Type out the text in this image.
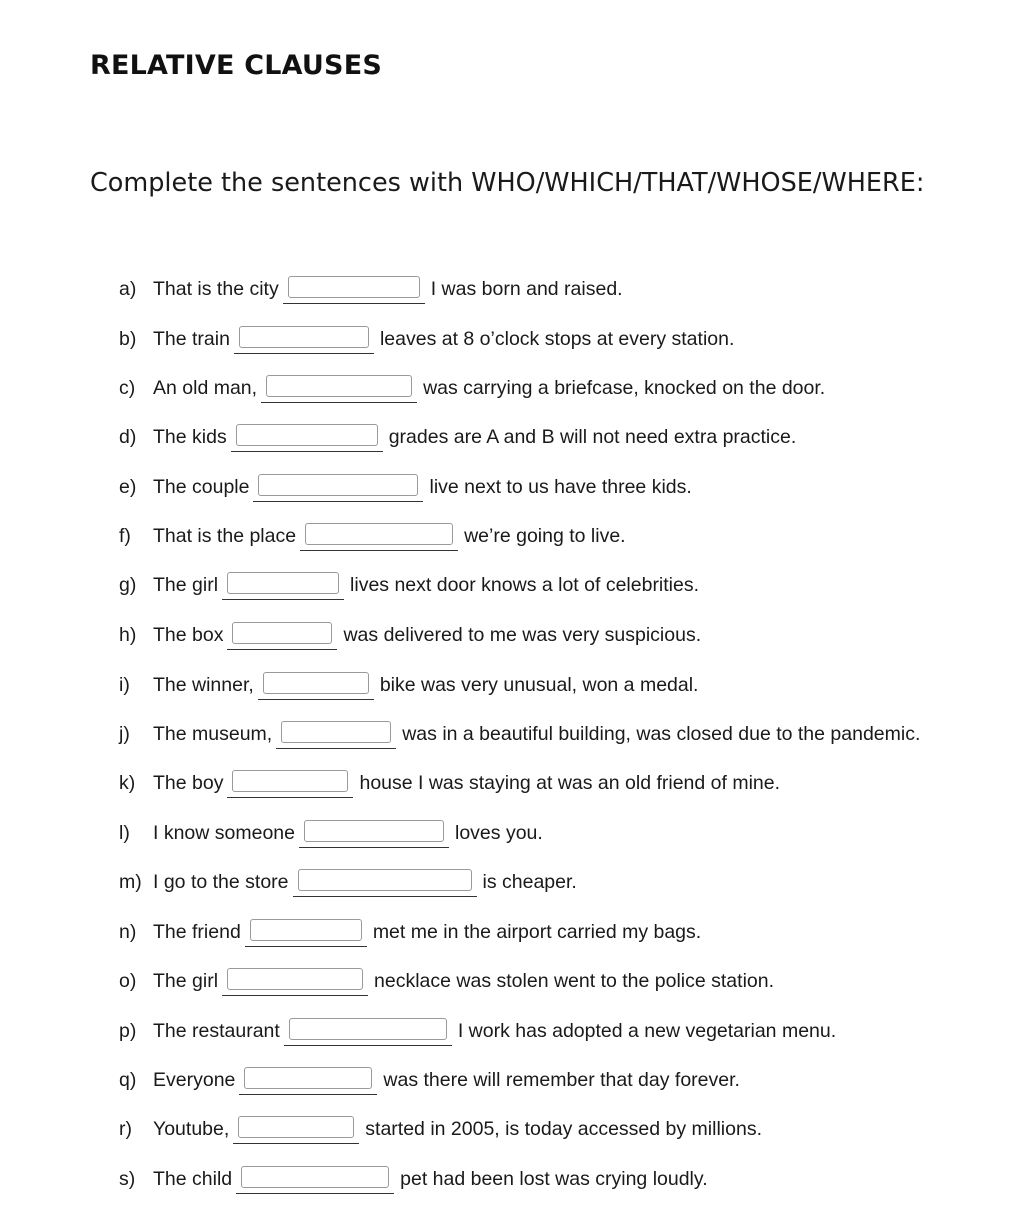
RELATIVE CLAUSES

Complete the sentences with WHO/WHICH/THAT/WHOSE/WHERE:

a) That is the city	I was born and raised.
b) The train	leaves at 8 o’clock stops at every station.
c) An old man,	was carrying a briefcase, knocked on the door.
d) The kids	grades are A and B will not need extra practice.
e) The couple	live next to us have three kids.
f)	That is the place	we’re going to live.
g) The girl	lives next door knows a lot of celebrities.
h) The box	was delivered to me was very suspicious.
i)	The winner,	bike was very unusual, won a medal.
j)	The museum,	was in a beautiful building, was closed due to the pandemic.
k) The boy	house I was staying at was an old friend of mine.
l)	I know someone	loves you.
m) I go to the store	is cheaper.
n) The friend	met me in the airport carried my bags.
o) The girl	necklace was stolen went to the police station.
p) The restaurant	I work has adopted a new vegetarian menu.
q) Everyone	was there will remember that day forever.
r)	Youtube,	started in 2005, is today accessed by millions.
s) The child	pet had been lost was crying loudly.
